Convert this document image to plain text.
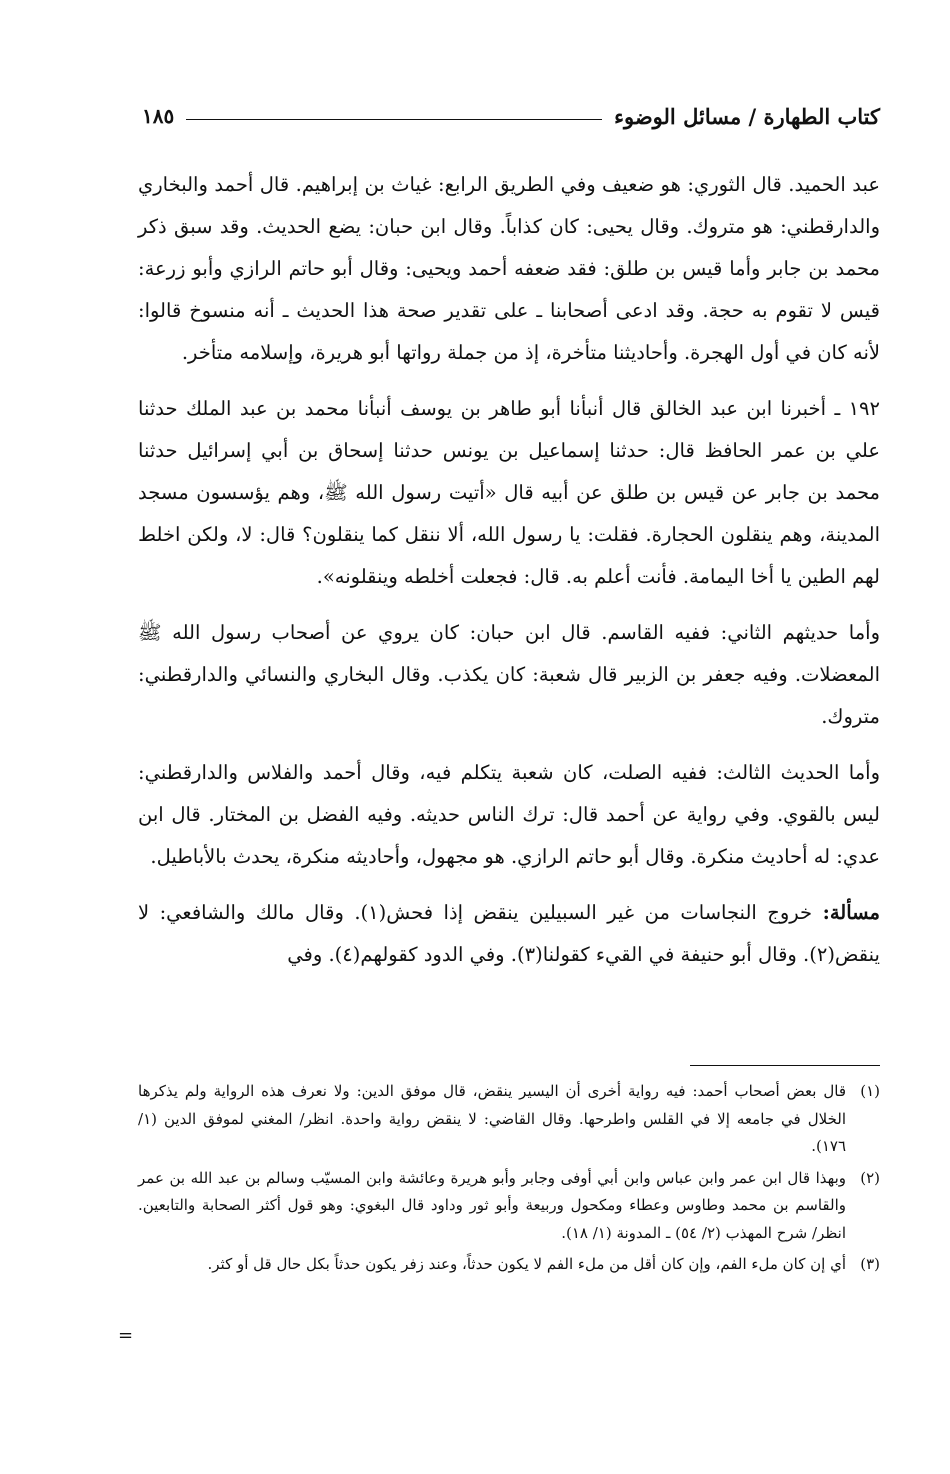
كتاب الطهارة / مسائل الوضوء
١٨٥

عبد الحميد. قال الثوري: هو ضعيف وفي الطريق الرابع: غياث بن إبراهيم. قال أحمد والبخاري والدارقطني: هو متروك. وقال يحيى: كان كذاباً. وقال ابن حبان: يضع الحديث. وقد سبق ذكر محمد بن جابر وأما قيس بن طلق: فقد ضعفه أحمد ويحيى: وقال أبو حاتم الرازي وأبو زرعة: قيس لا تقوم به حجة. وقد ادعى أصحابنا ـ على تقدير صحة هذا الحديث ـ أنه منسوخ قالوا: لأنه كان في أول الهجرة. وأحاديثنا متأخرة، إذ من جملة رواتها أبو هريرة، وإسلامه متأخر.

١٩٢ ـ أخبرنا ابن عبد الخالق قال أنبأنا أبو طاهر بن يوسف أنبأنا محمد بن عبد الملك حدثنا علي بن عمر الحافظ قال: حدثنا إسماعيل بن يونس حدثنا إسحاق بن أبي إسرائيل حدثنا محمد بن جابر عن قيس بن طلق عن أبيه قال «أتيت رسول الله ﷺ، وهم يؤسسون مسجد المدينة، وهم ينقلون الحجارة. فقلت: يا رسول الله، ألا ننقل كما ينقلون؟ قال: لا، ولكن اخلط لهم الطين يا أخا اليمامة. فأنت أعلم به. قال: فجعلت أخلطه وينقلونه».

وأما حديثهم الثاني: ففيه القاسم. قال ابن حبان: كان يروي عن أصحاب رسول الله ﷺ المعضلات. وفيه جعفر بن الزبير قال شعبة: كان يكذب. وقال البخاري والنسائي والدارقطني: متروك.

وأما الحديث الثالث: ففيه الصلت، كان شعبة يتكلم فيه، وقال أحمد والفلاس والدارقطني: ليس بالقوي. وفي رواية عن أحمد قال: ترك الناس حديثه. وفيه الفضل بن المختار. قال ابن عدي: له أحاديث منكرة. وقال أبو حاتم الرازي. هو مجهول، وأحاديثه منكرة، يحدث بالأباطيل.

مسألة: خروج النجاسات من غير السبيلين ينقض إذا فحش(١). وقال مالك والشافعي: لا ينقض(٢). وقال أبو حنيفة في القيء كقولنا(٣). وفي الدود كقولهم(٤). وفي

(١)
قال بعض أصحاب أحمد: فيه رواية أخرى أن اليسير ينقض، قال موفق الدين: ولا نعرف هذه الرواية ولم يذكرها الخلال في جامعه إلا في القلس واطرحها. وقال القاضي: لا ينقض رواية واحدة. انظر/ المغني لموفق الدين (١/ ١٧٦).
(٢)
وبهذا قال ابن عمر وابن عباس وابن أبي أوفى وجابر وأبو هريرة وعائشة وابن المسيّب وسالم بن عبد الله بن عمر والقاسم بن محمد وطاوس وعطاء ومكحول وربيعة وأبو ثور وداود قال البغوي: وهو قول أكثر الصحابة والتابعين. انظر/ شرح المهذب (٢/ ٥٤) ـ المدونة (١/ ١٨).
(٣)
أي إن كان ملء الفم، وإن كان أقل من ملء الفم لا يكون حدثاً، وعند زفر يكون حدثاً بكل حال قل أو كثر.
=
